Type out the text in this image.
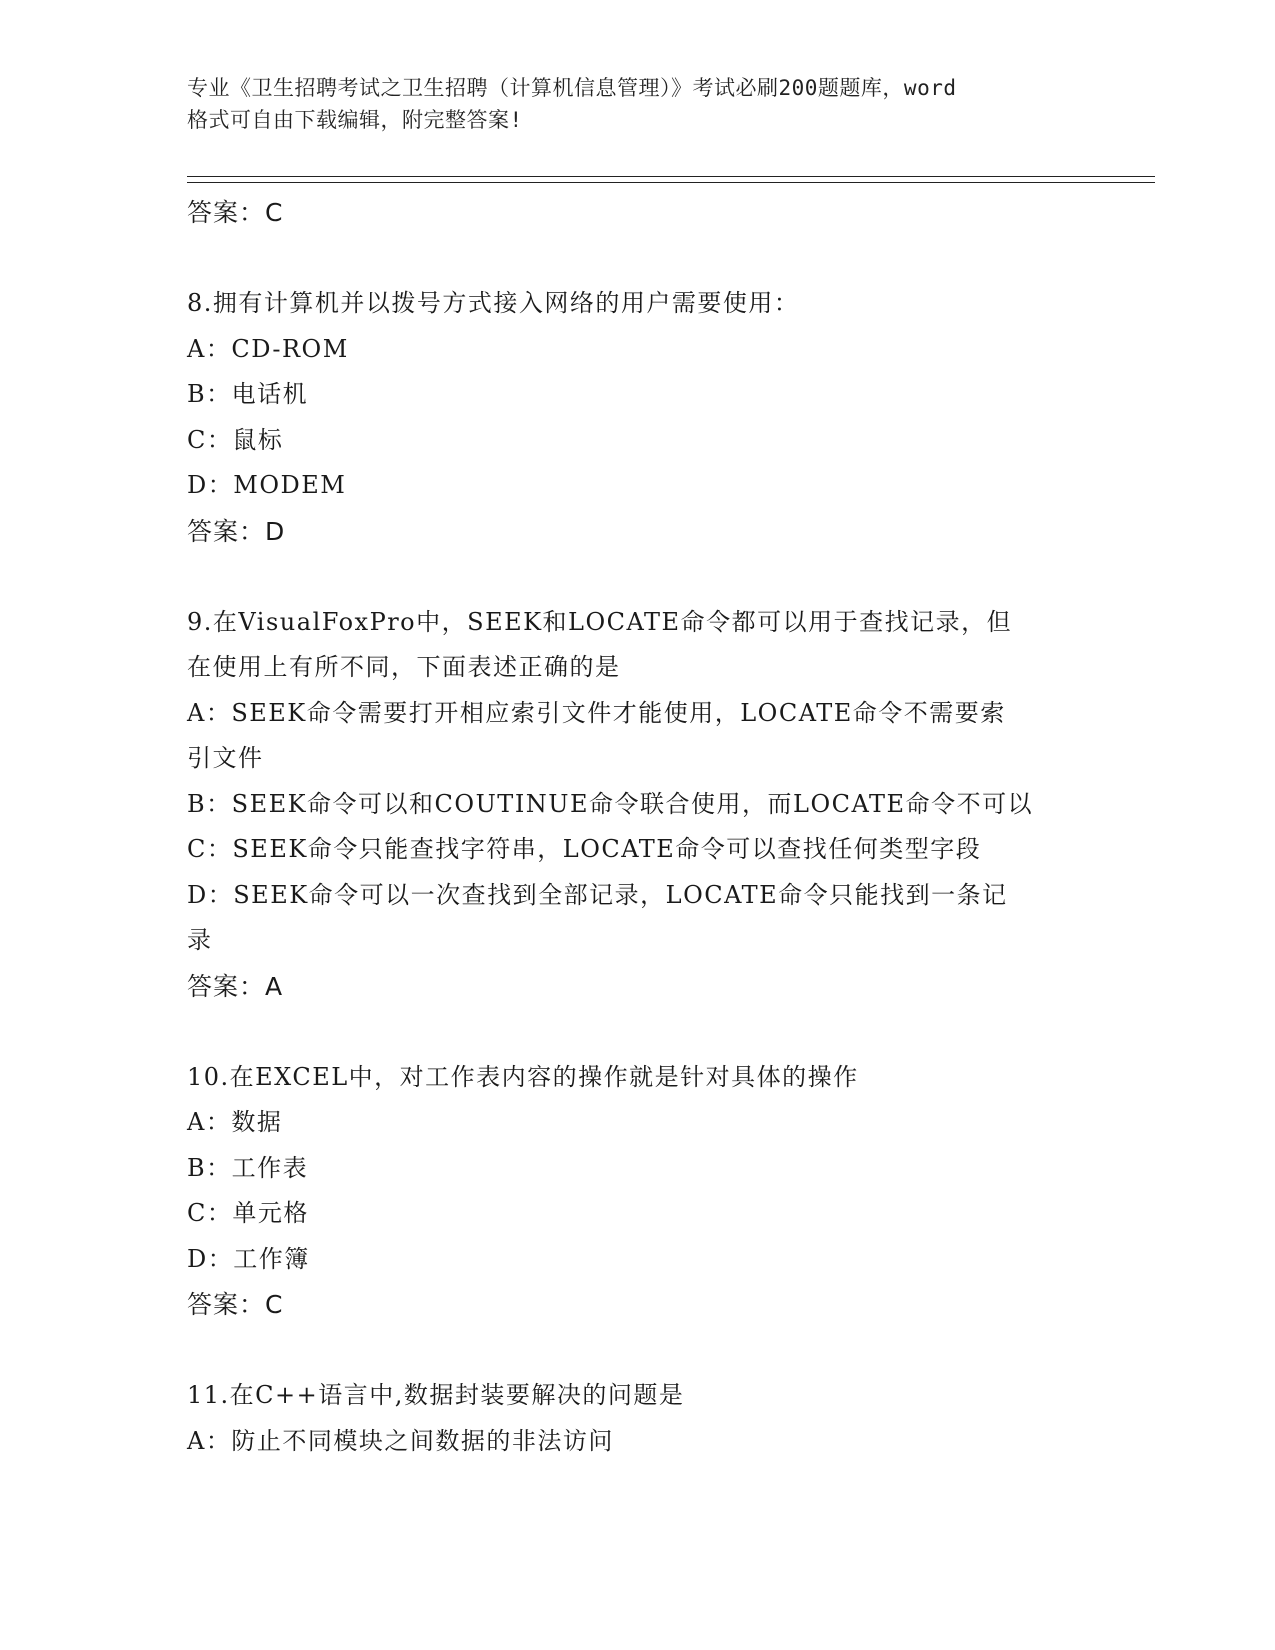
专业《卫生招聘考试之卫生招聘（计算机信息管理）》考试必刷200题题库，word
格式可自由下载编辑，附完整答案!
答案：C
8.拥有计算机并以拨号方式接入网络的用户需要使用：
A：CD-ROM
B：电话机
C：鼠标
D：MODEM
答案：D
9.在VisualFoxPro中，SEEK和LOCATE命令都可以用于查找记录，但
在使用上有所不同，下面表述正确的是
A：SEEK命令需要打开相应索引文件才能使用，LOCATE命令不需要索
引文件
B：SEEK命令可以和COUTINUE命令联合使用，而LOCATE命令不可以
C：SEEK命令只能查找字符串，LOCATE命令可以查找任何类型字段
D：SEEK命令可以一次查找到全部记录，LOCATE命令只能找到一条记
录
答案：A
10.在EXCEL中，对工作表内容的操作就是针对具体的操作
A：数据
B：工作表
C：单元格
D：工作簿
答案：C
11.在C++语言中,数据封装要解决的问题是
A：防止不同模块之间数据的非法访问
